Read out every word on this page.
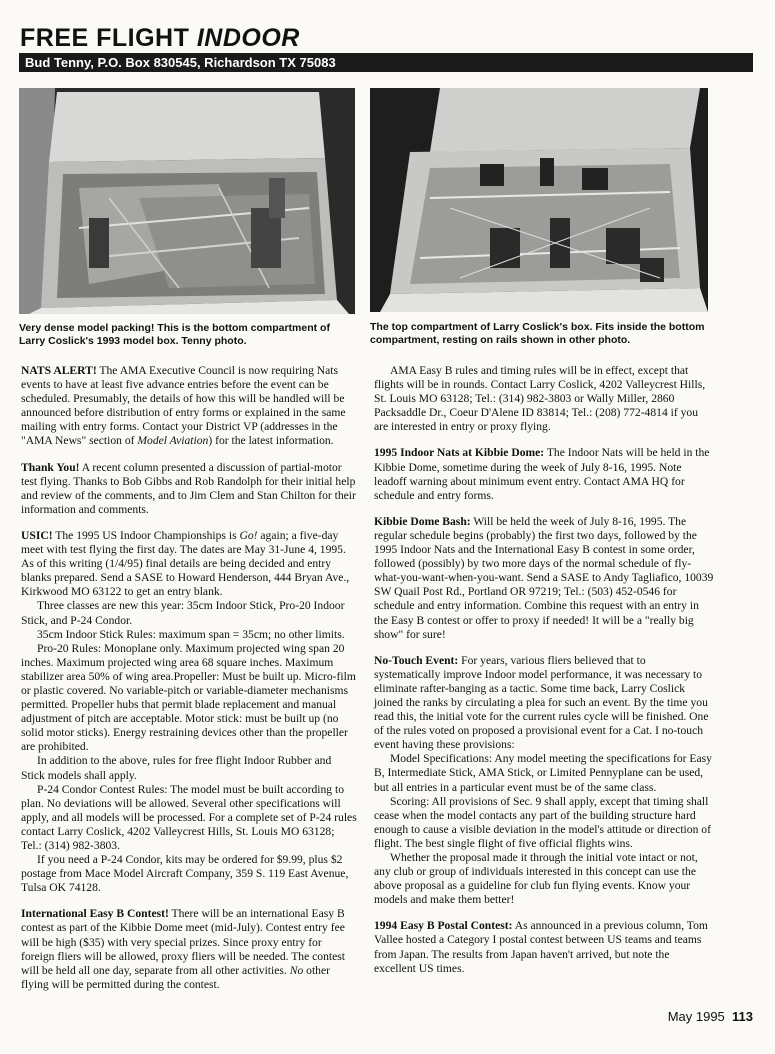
FREE FLIGHT INDOOR
Bud Tenny, P.O. Box 830545, Richardson TX 75083
Very dense model packing! This is the bottom compartment of Larry Coslick's 1993 model box. Tenny photo.
The top compartment of Larry Coslick's box. Fits inside the bottom compartment, resting on rails shown in other photo.

NATS ALERT! The AMA Executive Council is now requiring Nats events to have at least five advance entries before the event can be scheduled. Presumably, the details of how this will be handled will be announced before distribution of entry forms or explained in the same mailing with entry forms. Contact your District VP (addresses in the "AMA News" section of Model Aviation) for the latest information.

Thank You! A recent column presented a discussion of partial-motor test flying. Thanks to Bob Gibbs and Rob Randolph for their initial help and review of the comments, and to Jim Clem and Stan Chilton for their information and comments.

USIC! The 1995 US Indoor Championships is Go! again; a five-day meet with test flying the first day. The dates are May 31-June 4, 1995. As of this writing (1/4/95) final details are being decided and entry blanks prepared. Send a SASE to Howard Henderson, 444 Bryan Ave., Kirkwood MO 63122 to get an entry blank.

Three classes are new this year: 35cm Indoor Stick, Pro-20 Indoor Stick, and P-24 Condor.

35cm Indoor Stick Rules: maximum span = 35cm; no other limits.

Pro-20 Rules: Monoplane only. Maximum projected wing span 20 inches. Maximum projected wing area 68 square inches. Maximum stabilizer area 50% of wing area.Propeller: Must be built up. Micro-film or plastic covered. No variable-pitch or variable-diameter mechanisms permitted. Propeller hubs that permit blade replacement and manual adjustment of pitch are acceptable. Motor stick: must be built up (no solid motor sticks). Energy restraining devices other than the propeller are prohibited.

In addition to the above, rules for free flight Indoor Rubber and Stick models shall apply.

P-24 Condor Contest Rules: The model must be built according to plan. No deviations will be allowed. Several other specifications will apply, and all models will be processed. For a complete set of P-24 rules contact Larry Coslick, 4202 Valleycrest Hills, St. Louis MO 63128; Tel.: (314) 982-3803.

If you need a P-24 Condor, kits may be ordered for $9.99, plus $2 postage from Mace Model Aircraft Company, 359 S. 119 East Avenue, Tulsa OK 74128.

International Easy B Contest! There will be an international Easy B contest as part of the Kibbie Dome meet (mid-July). Contest entry fee will be high ($35) with very special prizes. Since proxy entry for foreign fliers will be allowed, proxy fliers will be needed. The contest will be held all one day, separate from all other activities. No other flying will be permitted during the contest.

AMA Easy B rules and timing rules will be in effect, except that flights will be in rounds. Contact Larry Coslick, 4202 Valleycrest Hills, St. Louis MO 63128; Tel.: (314) 982-3803 or Wally Miller, 2860 Packsaddle Dr., Coeur D'Alene ID 83814; Tel.: (208) 772-4814 if you are interested in entry or proxy flying.

1995 Indoor Nats at Kibbie Dome: The Indoor Nats will be held in the Kibbie Dome, sometime during the week of July 8-16, 1995. Note leadoff warning about minimum event entry. Contact AMA HQ for schedule and entry forms.

Kibbie Dome Bash: Will be held the week of July 8-16, 1995. The regular schedule begins (probably) the first two days, followed by the 1995 Indoor Nats and the International Easy B contest in some order, followed (possibly) by two more days of the normal schedule of fly-what-you-want-when-you-want. Send a SASE to Andy Tagliafico, 10039 SW Quail Post Rd., Portland OR 97219; Tel.: (503) 452-0546 for schedule and entry information. Combine this request with an entry in the Easy B contest or offer to proxy if needed! It will be a "really big show" for sure!

No-Touch Event: For years, various fliers believed that to systematically improve Indoor model performance, it was necessary to eliminate rafter-banging as a tactic. Some time back, Larry Coslick joined the ranks by circulating a plea for such an event. By the time you read this, the initial vote for the current rules cycle will be finished. One of the rules voted on proposed a provisional event for a Cat. I no-touch event having these provisions:

Model Specifications: Any model meeting the specifications for Easy B, Intermediate Stick, AMA Stick, or Limited Pennyplane can be used, but all entries in a particular event must be of the same class.

Scoring: All provisions of Sec. 9 shall apply, except that timing shall cease when the model contacts any part of the building structure hard enough to cause a visible deviation in the model's attitude or direction of flight. The best single flight of five official flights wins.

Whether the proposal made it through the initial vote intact or not, any club or group of individuals interested in this concept can use the above proposal as a guideline for club fun flying events. Know your models and make them better!

1994 Easy B Postal Contest: As announced in a previous column, Tom Vallee hosted a Category I postal contest between US teams and teams from Japan. The results from Japan haven't arrived, but note the excellent US times.

May 1995 113
